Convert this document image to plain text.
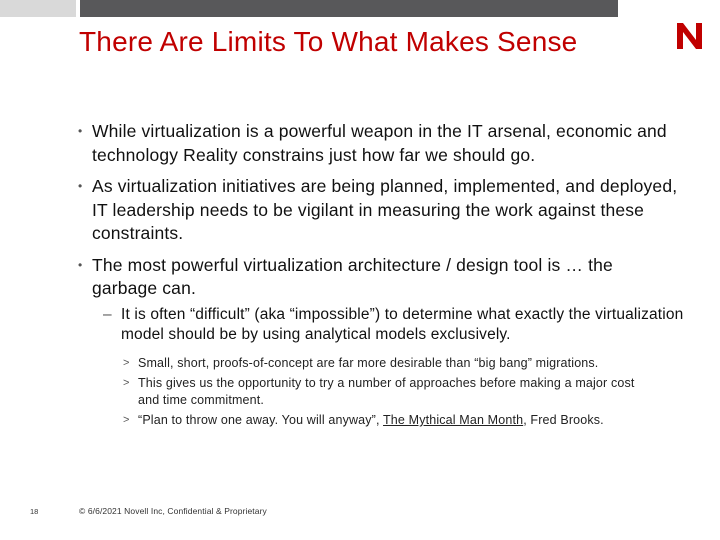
There Are Limits To What Makes Sense
• While virtualization is a powerful weapon in the IT arsenal, economic and technology Reality constrains just how far we should go.
• As virtualization initiatives are being planned, implemented, and deployed, IT leadership needs to be vigilant in measuring the work against these constraints.
• The most powerful virtualization architecture / design tool is … the garbage can.
– It is often “difficult” (aka “impossible”) to determine what exactly the virtualization model should be by using analytical models exclusively.
> Small, short, proofs-of-concept are far more desirable than “big bang” migrations.
> This gives us the opportunity to try a number of approaches before making a major cost and time commitment.
> “Plan to throw one away. You will anyway”, The Mythical Man Month, Fred Brooks.
18	© 6/6/2021 Novell Inc, Confidential & Proprietary
